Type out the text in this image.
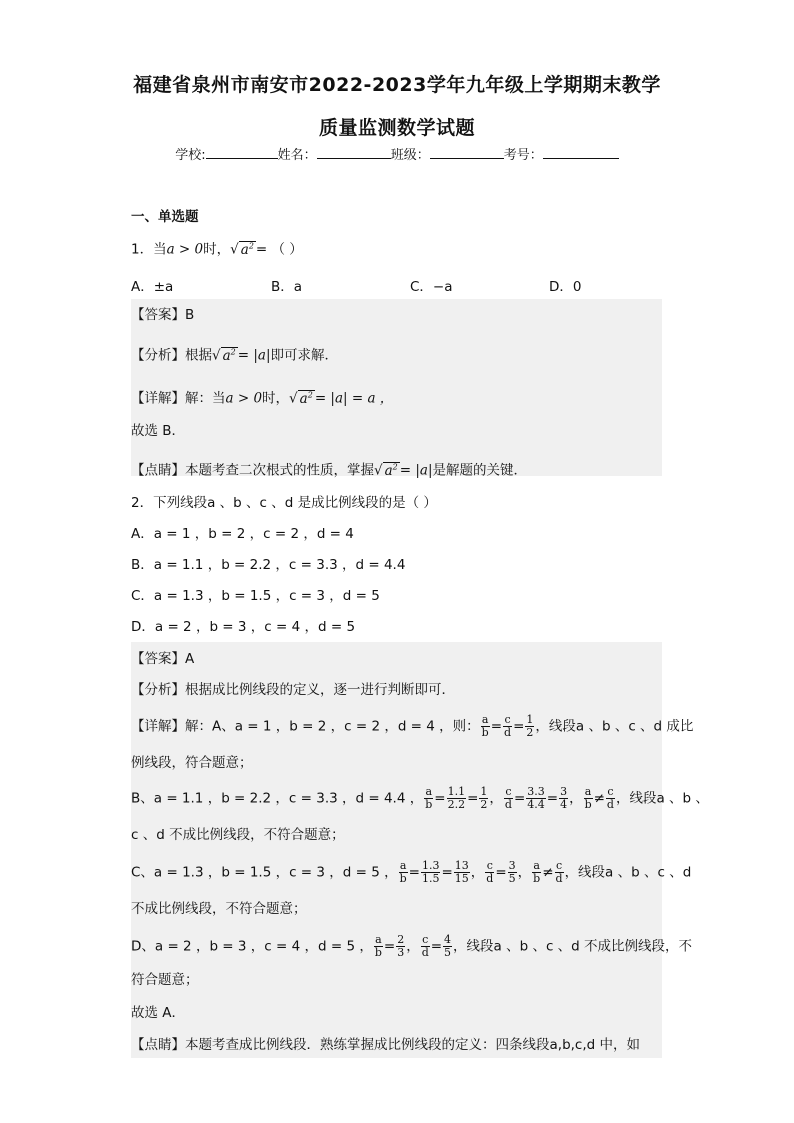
福建省泉州市南安市2022-2023学年九年级上学期期末教学
质量监测数学试题
学校:	姓名：	班级：	考号：
一、单选题
1．当a > 0时，√ $a^2$ = （ ）
A．±a	B．a	C．−a	D．0
【答案】B
【分析】根据√ $a^2 = |a|$即可求解．
【详解】解：当a > 0时，√ $a^2 = |a| = a$ ，
故选 B．
【点睛】本题考查二次根式的性质，掌握√ $a^2 = |a|$是解题的关键．
2．下列线段a 、b 、c 、d 是成比例线段的是（ ）
A．a = 1 ，b = 2 ，c = 2 ，d = 4
B．a = 1.1 ，b = 2.2 ，c = 3.3 ，d = 4.4
C．a = 1.3 ，b = 1.5 ，c = 3 ，d = 5
D．a = 2 ，b = 3 ，c = 4 ，d = 5
【答案】A
【分析】根据成比例线段的定义，逐一进行判断即可．
【详解】解：A、a = 1 ，b = 2 ，c = 2 ，d = 4 ，则： $\frac{a}{b} = \frac{c}{d} = \frac{1}{2}$ ，线段a 、b 、c 、d 成比
例线段，符合题意；
B、a = 1.1 ，b = 2.2 ，c = 3.3 ，d = 4.4 ， $\frac{a}{b} = \frac{1.1}{2.2} = \frac{1}{2}$ ， $\frac{c}{d} = \frac{3.3}{4.4} = \frac{3}{4}$ ， $\frac{a}{b} \ne \frac{c}{d}$ ，线段a 、b 、
c 、d 不成比例线段，不符合题意；
C、a = 1.3 ，b = 1.5 ，c = 3 ，d = 5 ， $\frac{a}{b} = \frac{1.3}{1.5} = \frac{13}{15}$ ， $\frac{c}{d} = \frac{3}{5}$ ， $\frac{a}{b} \ne \frac{c}{d}$ ，线段a 、b 、c 、d
不成比例线段，不符合题意；
D、a = 2 ，b = 3 ，c = 4 ，d = 5 ， $\frac{a}{b} = \frac{2}{3}$ ， $\frac{c}{d} = \frac{4}{5}$ ，线段a 、b 、c 、d 不成比例线段，不
符合题意；
故选 A．
【点睛】本题考查成比例线段．熟练掌握成比例线段的定义：四条线段a,b,c,d 中，如
